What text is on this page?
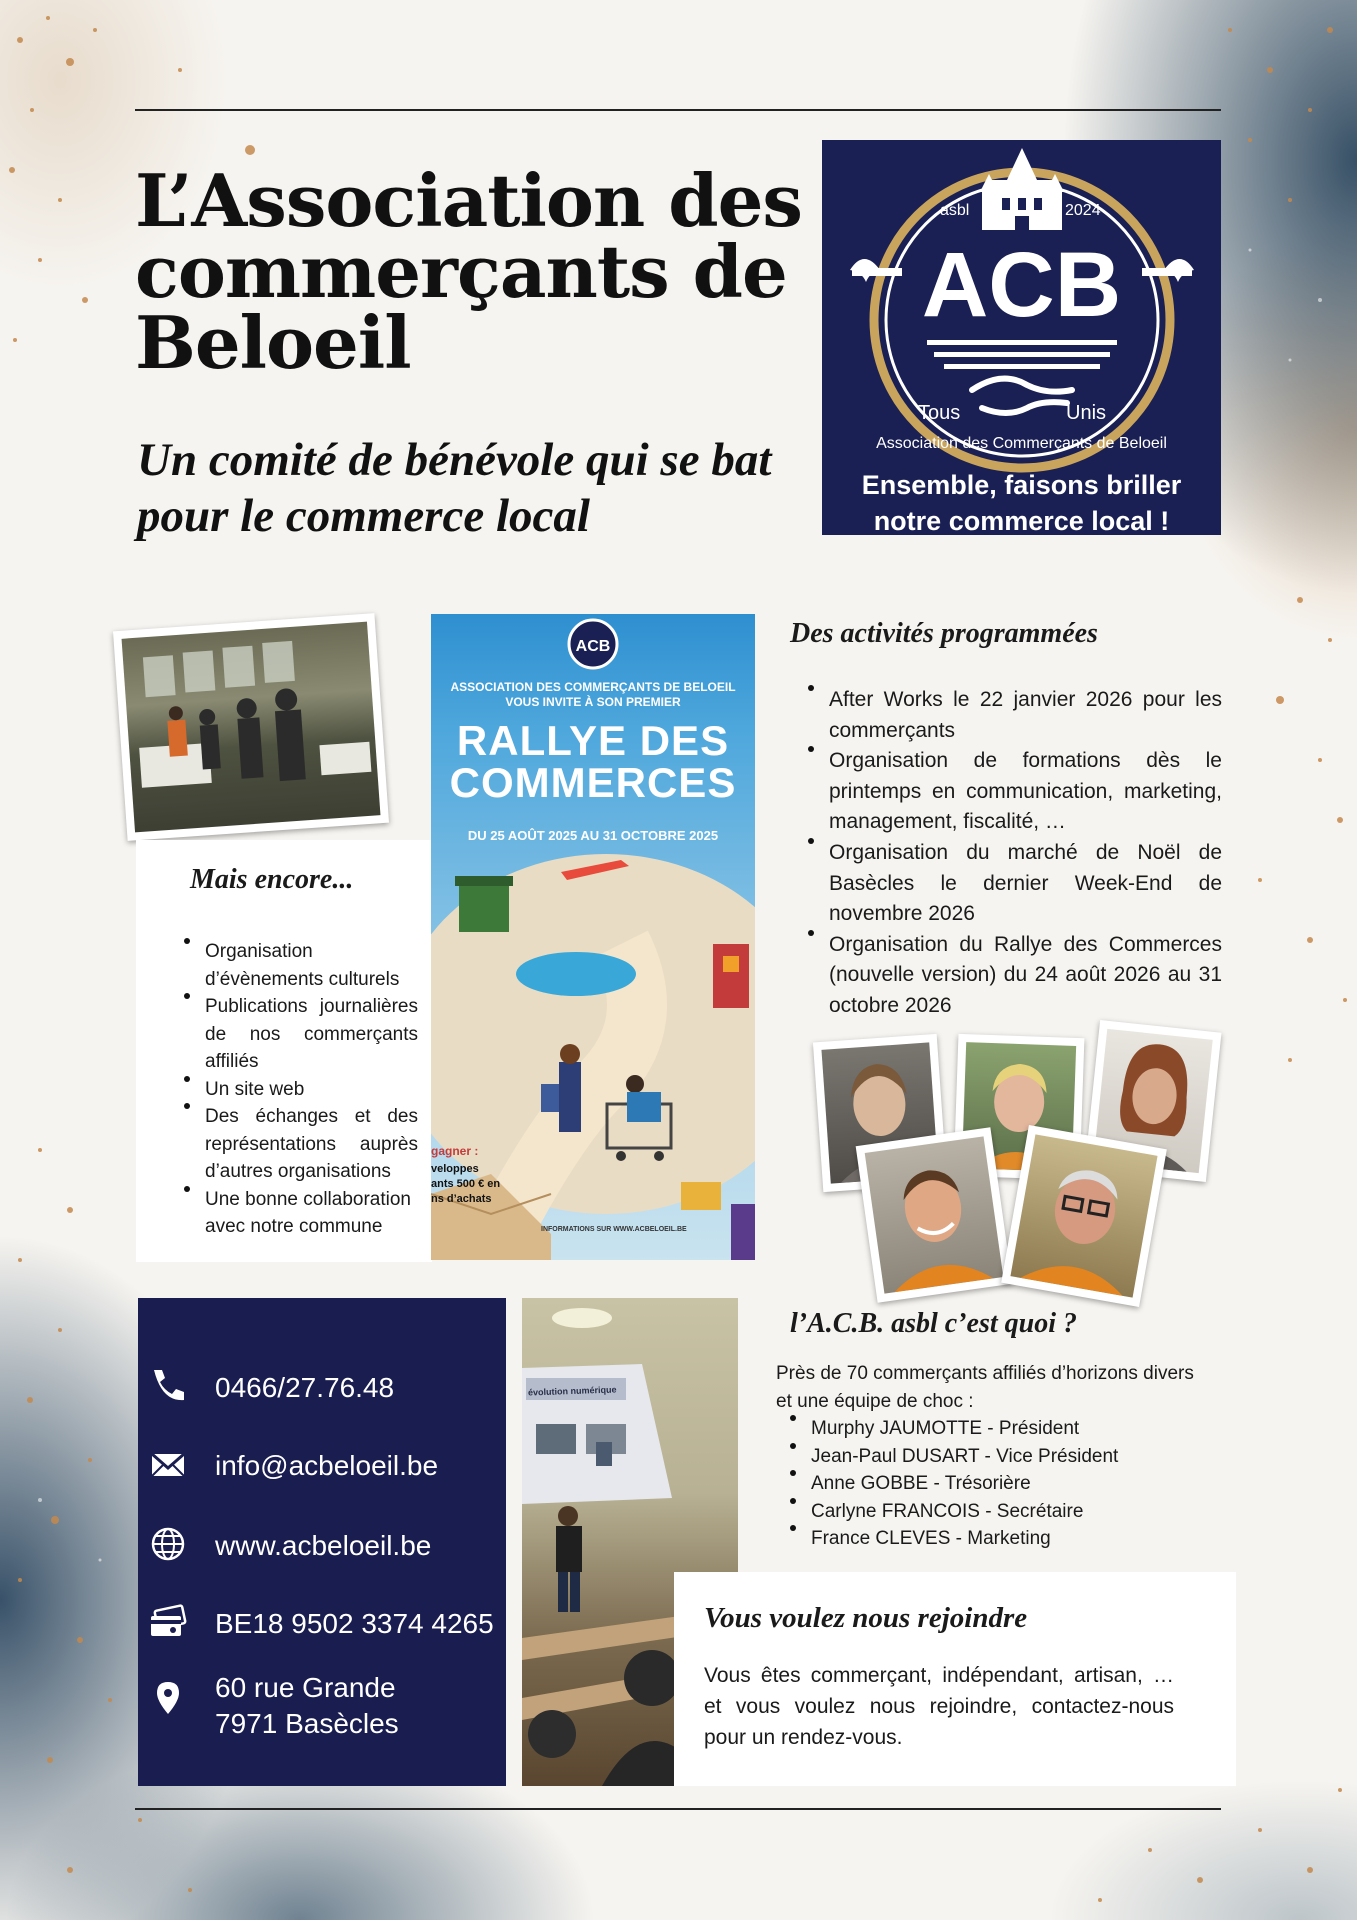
L’Association des commerçants de Beloeil
Un comité de bénévole qui se bat pour le commerce local
asbl	2024
ACB
Tous	Unis
Association des Commerçants de Beloeil
Ensemble, faisons briller
notre commerce local !
Mais encore...
Organisation d’évènements culturels
Publications journalières de nos commerçants affiliés
Un site web
Des échanges et des représentations auprès d’autres organisations
Une bonne collaboration avec notre commune
ACB
ASSOCIATION DES COMMERÇANTS DE BELOEIL
VOUS INVITE À SON PREMIER
RALLYE DES
COMMERCES
DU 25 AOÛT 2025 AU 31 OCTOBRE 2025
gagner :
veloppes
ants 500 € en
ns d’achats
INFORMATIONS SUR WWW.ACBELOEIL.BE
Des activités programmées
After Works le 22 janvier 2026 pour les commerçants
Organisation de formations dès le printemps en communication, marketing, management, fiscalité, …
Organisation du marché de Noël de Basècles le dernier Week-End de novembre 2026
Organisation du Rallye des Commerces (nouvelle version) du 24 août 2026 au 31 octobre 2026
0466/27.76.48
info@acbeloeil.be
www.acbeloeil.be
BE18 9502 3374 4265
60 rue Grande
7971 Basècles
évolution numérique
l’A.C.B. asbl c’est quoi ?
Près de 70 commerçants affiliés d’horizons divers
et une équipe de choc :
Murphy JAUMOTTE - Président
Jean-Paul DUSART - Vice Président
Anne GOBBE - Trésorière
Carlyne FRANCOIS - Secrétaire
France CLEVES - Marketing
Vous voulez nous rejoindre
Vous êtes commerçant, indépendant, artisan, … et vous voulez nous rejoindre, contactez-nous pour un rendez-vous.
